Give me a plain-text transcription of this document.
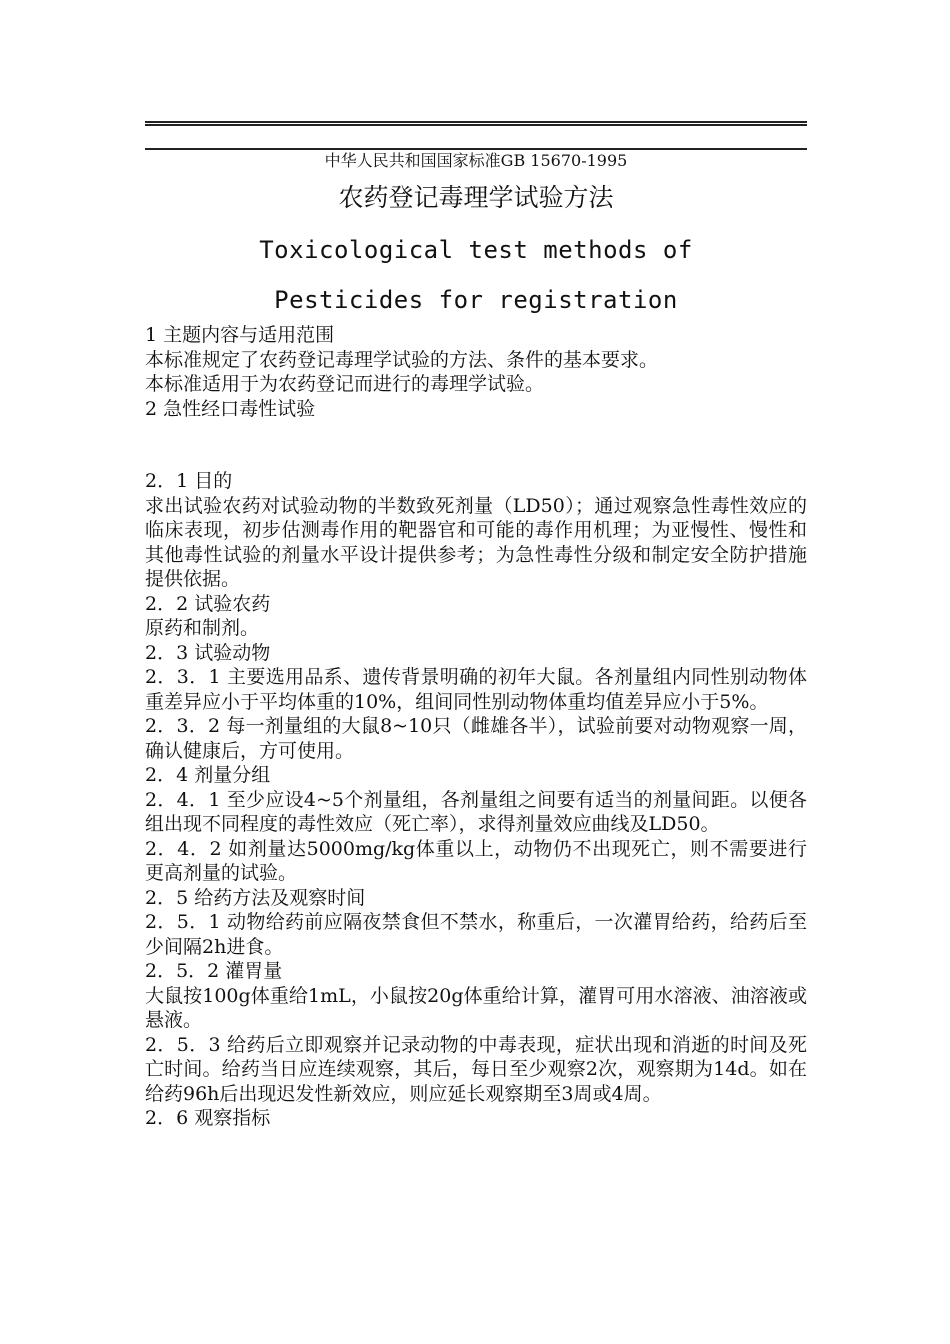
中华人民共和国国家标准GB 15670-1995
农药登记毒理学试验方法
Toxicological test methods of
Pesticides for registration

1 主题内容与适用范围

本标准规定了农药登记毒理学试验的方法、条件的基本要求。

本标准适用于为农药登记而进行的毒理学试验。

2 急性经口毒性试验

2．1 目的

求出试验农药对试验动物的半数致死剂量（LD50）；通过观察急性毒性效应的临床表现，初步估测毒作用的靶器官和可能的毒作用机理；为亚慢性、慢性和其他毒性试验的剂量水平设计提供参考；为急性毒性分级和制定安全防护措施提供依据。

2．2 试验农药

原药和制剂。

2．3 试验动物

2．3．1 主要选用品系、遗传背景明确的初年大鼠。各剂量组内同性别动物体重差异应小于平均体重的10%，组间同性别动物体重均值差异应小于5%。

2．3．2 每一剂量组的大鼠8~10只（雌雄各半），试验前要对动物观察一周，确认健康后，方可使用。

2．4 剂量分组

2．4．1 至少应设4~5个剂量组，各剂量组之间要有适当的剂量间距。以便各组出现不同程度的毒性效应（死亡率），求得剂量效应曲线及LD50。

2．4．2 如剂量达5000mg/kg体重以上，动物仍不出现死亡，则不需要进行更高剂量的试验。

2．5 给药方法及观察时间

2．5．1 动物给药前应隔夜禁食但不禁水，称重后，一次灌胃给药，给药后至少间隔2h进食。

2．5．2 灌胃量

大鼠按100g体重给1mL，小鼠按20g体重给计算，灌胃可用水溶液、油溶液或悬液。

2．5．3 给药后立即观察并记录动物的中毒表现，症状出现和消逝的时间及死亡时间。给药当日应连续观察，其后，每日至少观察2次，观察期为14d。如在给药96h后出现迟发性新效应，则应延长观察期至3周或4周。

2．6 观察指标
